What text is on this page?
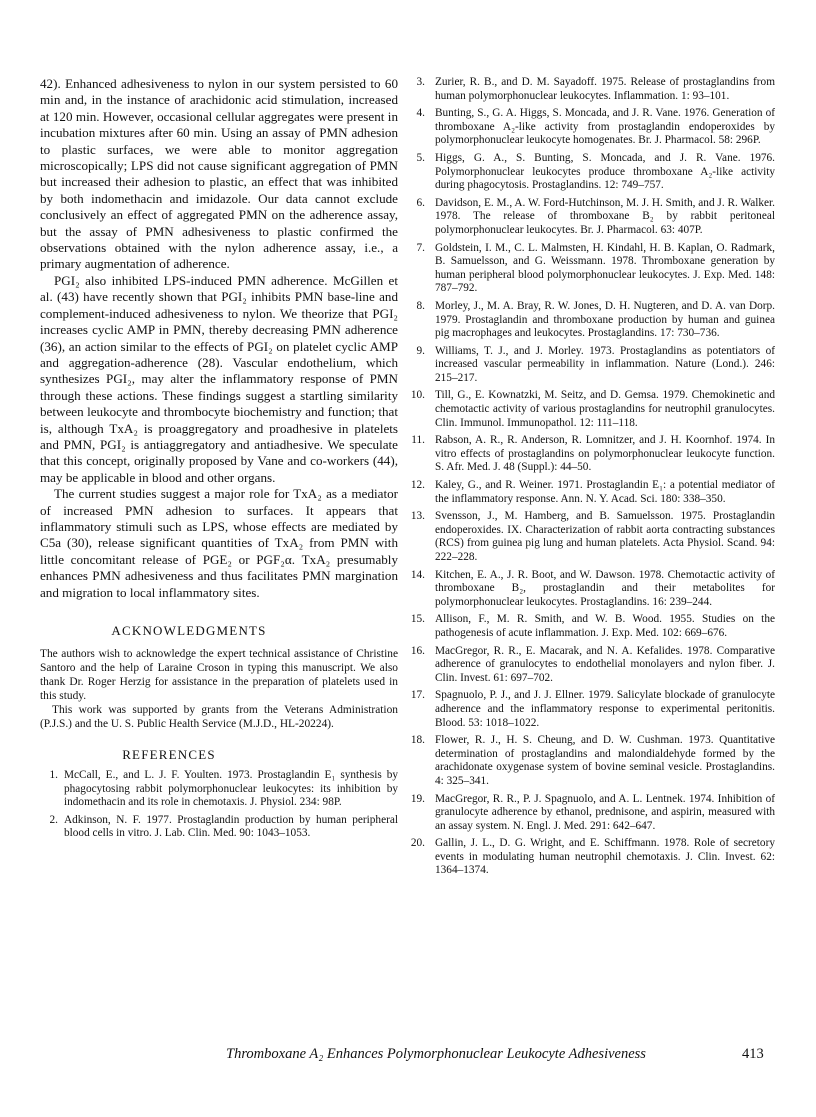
42). Enhanced adhesiveness to nylon in our system persisted to 60 min and, in the instance of arachidonic acid stimulation, increased at 120 min. However, occasional cellular aggregates were present in incubation mixtures after 60 min. Using an assay of PMN adhesion to plastic surfaces, we were able to monitor aggregation microscopically; LPS did not cause significant aggregation of PMN but increased their adhesion to plastic, an effect that was inhibited by both indomethacin and imidazole. Our data cannot exclude conclusively an effect of aggregated PMN on the adherence assay, but the assay of PMN adhesiveness to plastic confirmed the observations obtained with the nylon adherence assay, i.e., a primary augmentation of adherence.

PGI₂ also inhibited LPS-induced PMN adherence. McGillen et al. (43) have recently shown that PGI₂ inhibits PMN base-line and complement-induced adhesiveness to nylon. We theorize that PGI₂ increases cyclic AMP in PMN, thereby decreasing PMN adherence (36), an action similar to the effects of PGI₂ on platelet cyclic AMP and aggregation-adherence (28). Vascular endothelium, which synthesizes PGI₂, may alter the inflammatory response of PMN through these actions. These findings suggest a startling similarity between leukocyte and thrombocyte biochemistry and function; that is, although TxA₂ is proaggregatory and proadhesive in platelets and PMN, PGI₂ is antiaggregatory and antiadhesive. We speculate that this concept, originally proposed by Vane and co-workers (44), may be applicable in blood and other organs.

The current studies suggest a major role for TxA₂ as a mediator of increased PMN adhesion to surfaces. It appears that inflammatory stimuli such as LPS, whose effects are mediated by C5a (30), release significant quantities of TxA₂ from PMN with little concomitant release of PGE₂ or PGF₂α. TxA₂ presumably enhances PMN adhesiveness and thus facilitates PMN margination and migration to local inflammatory sites.

ACKNOWLEDGMENTS

The authors wish to acknowledge the expert technical assistance of Christine Santoro and the help of Laraine Croson in typing this manuscript. We also thank Dr. Roger Herzig for assistance in the preparation of platelets used in this study.

This work was supported by grants from the Veterans Administration (P.J.S.) and the U. S. Public Health Service (M.J.D., HL-20224).

REFERENCES
1. McCall, E., and L. J. F. Youlten. 1973. Prostaglandin E₁ synthesis by phagocytosing rabbit polymorphonuclear leukocytes: its inhibition by indomethacin and its role in chemotaxis. J. Physiol. 234: 98P.
2. Adkinson, N. F. 1977. Prostaglandin production by human peripheral blood cells in vitro. J. Lab. Clin. Med. 90: 1043–1053.
3. Zurier, R. B., and D. M. Sayadoff. 1975. Release of prostaglandins from human polymorphonuclear leukocytes. Inflammation. 1: 93–101.
4. Bunting, S., G. A. Higgs, S. Moncada, and J. R. Vane. 1976. Generation of thromboxane A₂-like activity from prostaglandin endoperoxides by polymorphonuclear leukocyte homogenates. Br. J. Pharmacol. 58: 296P.
5. Higgs, G. A., S. Bunting, S. Moncada, and J. R. Vane. 1976. Polymorphonuclear leukocytes produce thromboxane A₂-like activity during phagocytosis. Prostaglandins. 12: 749–757.
6. Davidson, E. M., A. W. Ford-Hutchinson, M. J. H. Smith, and J. R. Walker. 1978. The release of thromboxane B₂ by rabbit peritoneal polymorphonuclear leukocytes. Br. J. Pharmacol. 63: 407P.
7. Goldstein, I. M., C. L. Malmsten, H. Kindahl, H. B. Kaplan, O. Radmark, B. Samuelsson, and G. Weissmann. 1978. Thromboxane generation by human peripheral blood polymorphonuclear leukocytes. J. Exp. Med. 148: 787–792.
8. Morley, J., M. A. Bray, R. W. Jones, D. H. Nugteren, and D. A. van Dorp. 1979. Prostaglandin and thromboxane production by human and guinea pig macrophages and leukocytes. Prostaglandins. 17: 730–736.
9. Williams, T. J., and J. Morley. 1973. Prostaglandins as potentiators of increased vascular permeability in inflammation. Nature (Lond.). 246: 215–217.
10. Till, G., E. Kownatzki, M. Seitz, and D. Gemsa. 1979. Chemokinetic and chemotactic activity of various prostaglandins for neutrophil granulocytes. Clin. Immunol. Immunopathol. 12: 111–118.
11. Rabson, A. R., R. Anderson, R. Lomnitzer, and J. H. Koornhof. 1974. In vitro effects of prostaglandins on polymorphonuclear leukocyte function. S. Afr. Med. J. 48 (Suppl.): 44–50.
12. Kaley, G., and R. Weiner. 1971. Prostaglandin E₁: a potential mediator of the inflammatory response. Ann. N. Y. Acad. Sci. 180: 338–350.
13. Svensson, J., M. Hamberg, and B. Samuelsson. 1975. Prostaglandin endoperoxides. IX. Characterization of rabbit aorta contracting substances (RCS) from guinea pig lung and human platelets. Acta Physiol. Scand. 94: 222–228.
14. Kitchen, E. A., J. R. Boot, and W. Dawson. 1978. Chemotactic activity of thromboxane B₂, prostaglandin and their metabolites for polymorphonuclear leukocytes. Prostaglandins. 16: 239–244.
15. Allison, F., M. R. Smith, and W. B. Wood. 1955. Studies on the pathogenesis of acute inflammation. J. Exp. Med. 102: 669–676.
16. MacGregor, R. R., E. Macarak, and N. A. Kefalides. 1978. Comparative adherence of granulocytes to endothelial monolayers and nylon fiber. J. Clin. Invest. 61: 697–702.
17. Spagnuolo, P. J., and J. J. Ellner. 1979. Salicylate blockade of granulocyte adherence and the inflammatory response to experimental peritonitis. Blood. 53: 1018–1022.
18. Flower, R. J., H. S. Cheung, and D. W. Cushman. 1973. Quantitative determination of prostaglandins and malondialdehyde formed by the arachidonate oxygenase system of bovine seminal vesicle. Prostaglandins. 4: 325–341.
19. MacGregor, R. R., P. J. Spagnuolo, and A. L. Lentnek. 1974. Inhibition of granulocyte adherence by ethanol, prednisone, and aspirin, measured with an assay system. N. Engl. J. Med. 291: 642–647.
20. Gallin, J. L., D. G. Wright, and E. Schiffmann. 1978. Role of secretory events in modulating human neutrophil chemotaxis. J. Clin. Invest. 62: 1364–1374.
Thromboxane A₂ Enhances Polymorphonuclear Leukocyte Adhesiveness	413
